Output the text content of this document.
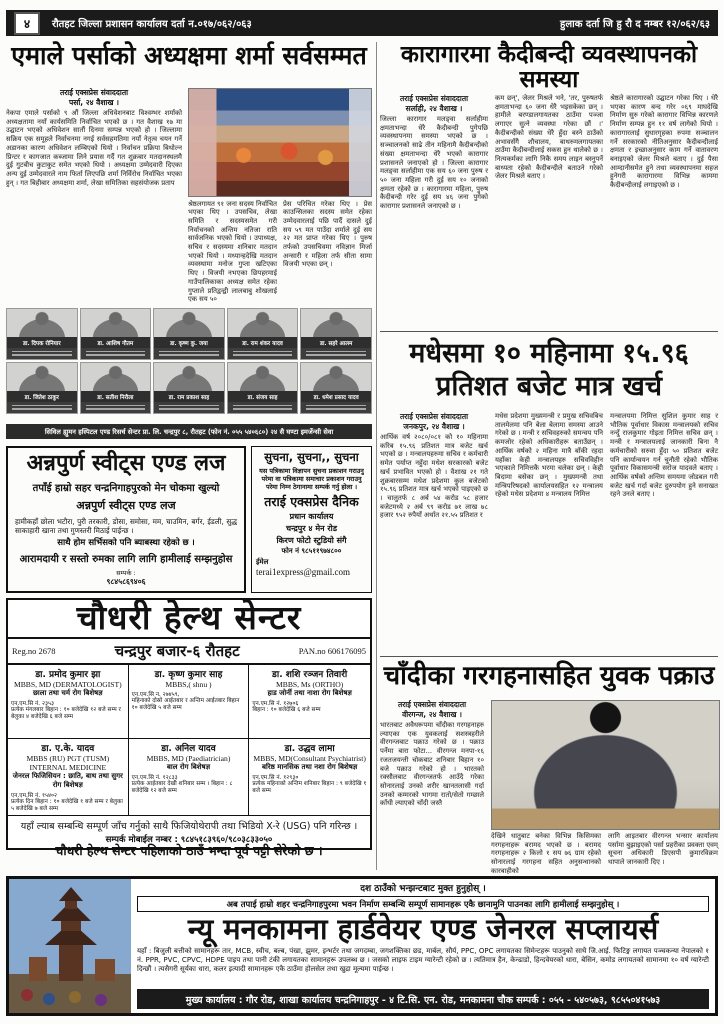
४	रौतहट जिल्ला प्रशासन कार्यालय दर्ता न.०१७/०६२/०६३	हुलाक दर्ता जि हु रौ द नम्बर १२/०६२/६३
एमाले पर्साको अध्यक्षमा शर्मा सर्वसम्मत
तराई एक्सप्रेस संवाददाता
पर्सा, २४ वैशाख ।
नेकपा एमाले पर्साको ९ औं जिल्ला अधिवेशनबाट विश्वम्भर शर्माको अध्यक्षतामा नयाँ कार्यसमिति निर्वाचित भएको छ । गत वैशाख १७ मा उद्घाटन भएको अधिवेशन सातौं दिनमा सम्पन्न भएको हो । जिल्लामा सक्रिय एक समूहले निर्वाचनमा नगई सर्वसहमतिमा नयाँ नेतृत्व चयन गर्ने अडानका कारण अधिवेशन लम्बिएको थियो । निर्वाचन प्रक्रिया बिथोल्न प्रिन्टर र कागजात कब्जामा लिने प्रयास गर्दै गत शुक्रबार मतदानस्थलमै दुई गुटबीच कुटाकुट समेत भएको थियो । अध्यक्षमा उम्मेदवारी दिएका अन्य दुई उम्मेदवारले नाम फिर्ता लिएपछि शर्मा निर्विरोध निर्वाचित भएका हुन् । गत बिहीबार अध्यक्षमा शर्मा, लेखा समितिका सहसंयोजक प्रताप
श्रेष्ठलगायत ९१ जना सदस्य निर्वाचित भएका थिए । उपसचिव, लेखा समिति र सदस्यसमेत गरी निर्वाचनको अन्तिम नतिजा राति सार्वजनिक भएको थियो । उपाध्यक्ष, सचिव र सदस्यमा शनिबार मतदान भएको थियो । मध्यान्हदेखि मतदान व्यवस्थामा मनोज गुप्ता खटिएका थिए । विजयी नभएका छिपहरमाई गाउँपालिकाका अध्यक्ष समेत रहेका गुप्ताले प्रतिद्वन्द्वी लालबाबु शोखलाई एक सय ५०
प्रेस परिचित गरेका थिए । प्रेस काउन्सिलका सदस्य समेत रहेका उम्मेदवारलाई पछि पार्दै दासले दुई सय ५९ मत पाउँदा शर्माले दुई सय २२ मत प्राप्त गरेका थिए । पुरुष तर्फको उपसचिवमा नविज्ञान मिर्जा अन्सारी र महिला तर्फ सीता सामा विजयी भएका छन् ।
डा. दिपक रोनियार	डा. आशिष गौतम	डा. कृष्ण कु. जया	डा. राम शंकर यादव	डा. सहरे आलम
डा. जितेश ठाकुर	डा. सतीश निरौला	डा. राम प्रकाश साह	डा. संजय साह	डा. धमेश प्रसाद यादव
सिविल ह्युमन हस्पिटल एण्ड रिसर्च सेन्टर प्रा. लि. चन्द्रपुर ८, रौतहट (फोन नं. ०५५ ५४०६८०) २४ सै घण्टा इमर्जेन्सी सेवा
अन्नपुर्ण स्वीट्स एण्ड लज
तपाँई हाम्रो सहर चन्द्रनिगाहपुरको मेन चोकमा खुल्यो
अन्नपुर्ण स्वीट्स एण्ड लज
हामीकहाँ छोला भटौरा, पुरी तरकारी, डोसा, समोसा, मम, चाउमिन, बर्गर, ईडली, सुद्ध साकाहारी खाना तथा गुणस्तरी मिठाई पाईन्छ ।
साथै होम सर्भिसको पनि ब्याबस्था रहेको छ ।
आरामदायी र सस्तो रुमका लागि लागि हामीलाई सम्झनुहोस
सम्पर्क :
९८४५८६९४०६
सुचना, सुचना,, सुचना
यस पत्रिकामा विज्ञापन सुचना प्रकाशन गराउनु परेमा वा पत्रिकामा समाचार प्रकाशन गराउनु परेमा निम्न ठेगानामा सम्पर्क गर्नु होला ।
तराई एक्सप्रेस दैनिक
प्रधान कार्यालय
चन्द्रपुर ४ मेन रोड
किरण फोटो स्टुडियो संगै
फोन नं ९८५११९७४८००
ईमेल
terai1express@gmail.com
चौधरी हेल्थ सेन्टर
Reg.no 2678	चन्द्रपुर बजार-६ रौतहट	PAN.no 606176095
डा. प्रमोद कुमार झा
MBBS, MD (DERMATOLOGIST)
छाला तथा चर्म रोग बिशेषज्ञ
एन.एम.सि नं. २३५३
प्रत्येक मंगलबार बिहान : १० बजेदेखि १२ बजे सम्म र बेलुका ४ बजेदेखि ६ बजे सम्म
डा. कृष्ण कुमार साह
MBBS,( shnu )
एन.एम.सि न. २७४५९,
महिनाको दोस्रो आईतबार र अन्तिम आईतबार बिहान १० बजेदेखि ५ बजे सम्म
डा. शशि रञ्जन तिवारी
MBBS, Ms (ORTHO)
हाड जोर्नी तथा नाशा रोग बिशेषज्ञ
एन.एम.सि नं. १२७०६
बिहान : १० बजेदेखि ६ बजे सम्म
डा. ए.के. यादव
MBBS (RU) PGT (TUSM) INTERNAL MEDICINE
जेनरल फिजिसियन : छाति, बाथ तथा सुगर रोग बिशेषज्ञ
एन.एम.सि नं. १५४०२
प्रत्येक दिन बिहान : १० बजेदेखि १ बजे सम्म र बेलुका ५ बजेदेखि ७ बजे सम्म
डा. अनिल यादव
MBBS, MD (Paediatrician)
बाल रोग बिशेषज्ञ
एन.एम.सि नं. १२८३३
प्रत्येक आईतबार देखी शनिबार सम्म । बिहान : ८ बजेदेखि १२ बजे सम्म
डा. उद्धव लामा
MBBS, MD(Consultant Psychiatrist)
बरिष्ठ मानसिक तथा नशा रोग बिशेषज्ञ
एन.एम.सि नं. १२९३०
प्रत्येक महिनाको अन्तिम शनिबार बिहान : ९ बजेदेखि १ बजे सम्म
यहाँ ल्याब सम्बन्धि सम्पूर्ण जाँच गर्नुको साथै फिजियोथेरापी तथा भिडियो X-रे (USG) पनि गरिन्छ ।
सम्पर्क मोबाईल नम्बर : ९८४५१८३९६०/९८०३८३३०५०
चौधरी हेल्थ सेन्टर पहिलाको ठाउँ भन्दा पूर्व पट्टी सेरेको छ ।
कारागारमा कैदीबन्दी व्यवस्थापनको समस्या
तराई एक्सप्रेस संवाददाता
सर्लाही, २४ वैशाख ।
जिल्ला कारागार मलङ्वा सर्लाहीमा क्षमताभन्दा धेरै कैदीबन्दी पुगेपछि व्यवस्थापनमा समस्या भएको छ । सञ्चालनको साढे तीन महिनामै कैदीबन्दीको संख्या क्षमताभन्दा धेरै भएको कारागार प्रशासनले जनाएको हो । जिल्ला कारागार मलङ्वा सर्लाहीमा एक सय ६० जना पुरुष र ५० जना महिला गरी दुई सय १० जनाको क्षमता रहेको छ । कारागारमा महिला, पुरुष कैदीबन्दी गरेर दुई सय ४६ जना पुगेको कारागार प्रशासनले जनाएको छ ।
कम छन्', जेलर मिश्रले भने, 'तर, पुरुषतर्फ क्षमताभन्दा ६० जना धेरै भइसकेका छन् । हामीले बरण्डालगायतका ठाउँमा पञ्जा लगाएर सुत्ने व्यवस्था गरेका छौं ।' कैदीबन्दीको संख्या धेरै हुँदा बस्ने ठाउँको अभावसँगै शौचालय, बाथरुमलगायतका ठाउँमा कैदीबन्दीलाई सकस हुन थालेको छ । नित्यकर्मका लागि निकै समय लाइन बस्नुपर्ने बाध्यता रहेको कैदीबन्दीले बताउने गरेको जेलर मिश्रले बताए ।
श्रेष्ठले कारागारको उद्घाटन गरेका थिए । धेरै भएका कारण बन्द गरेर ०६९ माघदेखि निर्माण सुरु गरेको कारागार विभिन्न कारणले निर्माण सम्पन्न हुन ११ वर्ष लागेको थियो । कारागारलाई सुधारगृहका रुपमा सञ्चालन गर्ने सरकारको नीतिअनुसार कैदीबन्दीलाई क्षमता र इच्छाअनुसार काम गर्ने वातावरण बनाइएको जेलर मिश्रले बताए । दुई पैसा आम्दानीसमेत हुने तथा व्यवस्थापनमा सहज हुनेगरी कारागारमा विभिन्न काममा कैदीबन्दीलाई लगाइएको छ ।
मधेसमा १० महिनामा १५.९६
प्रतिशत बजेट मात्र खर्च
तराई एक्सप्रेस संवाददाता
जनकपुर, २४ वैशाख ।
आर्थिक वर्ष २०८०/०८१ को १० महिनामा करिब १५.९६ प्रतिशत मात्र बजेट खर्च भएको छ । मन्त्रालयहरुमा सचिव र कर्मचारी समेत पर्याप्त नहुँदा मधेश सरकारको बजेट खर्च प्रभावित भएको हो । वैशाख २१ गते शुक्रबारसम्म मधेश प्रदेशमा कुल बजेटको १५.९६ प्रतिशत मात्र खर्च भएको पाइएको छ । चालुतर्फ ८ अर्ब ५४ करोड ५८ हजार बजेटमध्ये २ अर्ब ९९ करोड ७१ लाख ७८ हजार ९५२ रुपैयाँ अर्थात २१.५५ प्रतिशत र
मधेस प्रदेशमा मुख्यमन्त्री र प्रमुख सचिवबिच तालमेलमा पनि बेला बेलामा समस्या आउने गरेको छ । मन्त्री र सचिवहरुको समन्वय पनि कमजोर रहेको अधिकारीहरू बताउँछन् । आर्थिक वर्षको २ महिना मात्रै बाँकी रहदा यहाँका केही मन्त्रालयहरु सचिवविहीन भएकाले निमित्तकै भरमा चलेका छन् । केही बिदामा बसेका छन् । मुख्यमन्त्री तथा मन्त्रिपरिषदको कार्यालयसहित १२ मन्त्रालय रहेको मधेस प्रदेशमा ४ मन्त्रालय निमित्त
मन्त्रालयमा निमित्त सुशिल कुमार साह र भौतिक पूर्वाधार विकास मन्त्रालयको सचिव नन्दुँ राजकुमार गोइता निमित्त सचिव छन् । मन्त्री र मन्त्रालयलाई जानकारी बिना नै कर्मचारीको सरुवा हुँदा ५० प्रतिशत बजेट पनि कार्यान्वयन गर्न चुनौती रहेको भौतिक पूर्वाधार विकासमन्त्री सरोज यादवले बताए । आर्थिक वर्षको अन्तिम समयमा जोडबल गरी बजेट खर्च गर्दा बजेट दुरुपयोग हुने सनाखत रहने उनले बताए ।
चाँदीका गरगहनासहित युवक पक्राउ
तराई एक्सप्रेस संवाददाता
वीरगन्ज, २४ वैशाख ।
भारतबाट अवैधरूपमा चाँदीका गरगहनाहरु ल्याएका एक युवकलाई सशस्त्रहरीले वीरगन्जबाट पक्राउ गरेको छ । पक्राउ पर्नेमा बारा फोटा... वीरगन्ज मनपा-१६ रजतजयन्ती चोकबाट शनिबार बिहान १० बजे पक्राउ गरेको हो । भारतको रक्सौलबाट वीरगन्जतर्फ आउँदै गरेका सोनारलाई उनको शरीर खानतलासी गर्दा उनको कम्मरको भागमा रातो/सेतो गम्छाले काँधी ल्याएको चाँदी जस्तै
देखिने धातुबाट बनेका विभिन्न किसिमका गरगहनाहरू बरामद भएको छ । बरामद गरगहनाहरू २ किलो १ सय ७६ ग्राम रहेको सोनारलाई गरगहना सहित अनुसन्धानको कारबाहीको
लागि आइतबार वीरगन्ज भन्सार कार्यालय पर्सामा बुझाइएको पर्सा प्रहरीका प्रवक्ता एवम् सूचना अधिकारी डिएसपी कुमारविक्रम थापाले जानकारी दिए ।
दश ठाउँको भन्झन्टबाट मुक्त हुनुहोस् ।
अब तपाई हाम्रो शहर चन्द्रनिगाहपुरमा भवन निर्माण सम्बन्धि सम्पूर्ण सामानहरू एकै छानामुनि पाउनका लागि हामीलाई सम्झनुहोस् ।
न्यू मनकामना हार्डवेयर एण्ड जेनरल सप्लायर्स
यहाँ : बिजुली बत्तीको सामानहरू तार, MCB, स्वीच, बल्ब, पंखा, झुमर, इन्भर्टर तथा जगदम्बा, जगशक्तिका छड, मार्बल, सौर्य, PPC, OPC लगायतका सिमेन्टहरू पाउनुको साथै जि.आई. फिटिङ्ग लगायत पञ्चकन्या नेपालको १ नं. PPR, PVC, CPVC, HDPE पाइप तथा पानी टंकी लगायतका सामानहरू उपलब्ध छ । जसको लाइफ टाइम ग्यारेन्टी रहेको छ । त्यतिमात्र हैन, केन्ढाडो, हिन्दवेयरको धारा, बेसिन, कमोड लगायतको सामानमा १० वर्ष ग्यारेन्टी दिन्छौं । त्यसैगरी सूर्यका धारा, कलर इत्यादी सामानहरू एकै ठाउँमा होलसेल तथा खुद्रा मूल्यमा पाईन्छ ।
मुख्य कार्यालय : गौर रोड, शाखा कार्यालय चन्द्रनिगाहपुर - ४ टि.सि. एन. रोड, मनकामना चौक सम्पर्क : ०५५ - ५४०५७३, ९८५५०४१५७३
